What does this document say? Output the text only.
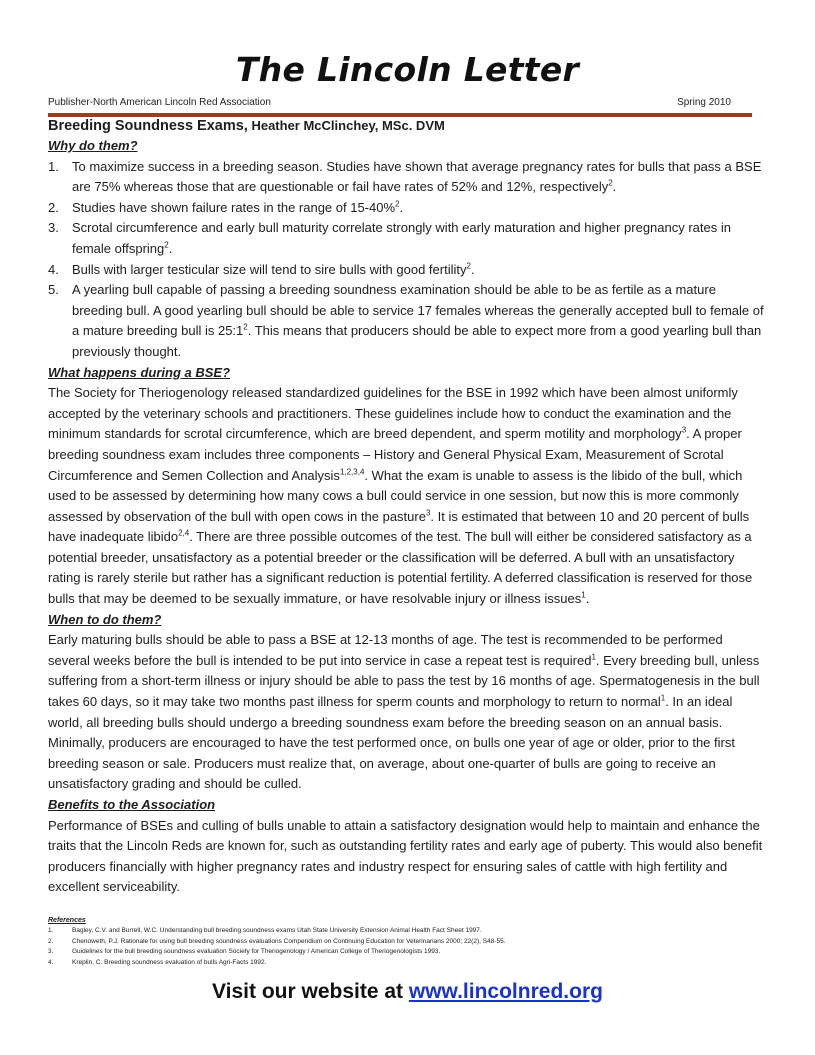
The Lincoln Letter
Publisher-North American Lincoln Red Association	Spring 2010

Breeding Soundness Exams, Heather McClinchey, MSc. DVM

Why do them?

1. To maximize success in a breeding season. Studies have shown that average pregnancy rates for bulls that pass a BSE are 75% whereas those that are questionable or fail have rates of 52% and 12%, respectively$^2$.
2. Studies have shown failure rates in the range of 15-40%$^2$.
3. Scrotal circumference and early bull maturity correlate strongly with early maturation and higher pregnancy rates in female offspring$^2$.
4. Bulls with larger testicular size will tend to sire bulls with good fertility$^2$.
5. A yearling bull capable of passing a breeding soundness examination should be able to be as fertile as a mature breeding bull. A good yearling bull should be able to service 17 females whereas the generally accepted bull to female of a mature breeding bull is $25:1^2$. This means that producers should be able to expect more from a good yearling bull than previously thought.

What happens during a BSE?

The Society for Theriogenology released standardized guidelines for the BSE in 1992 which have been almost uniformly accepted by the veterinary schools and practitioners. These guidelines include how to conduct the examination and the minimum standards for scrotal circumference, which are breed dependent, and sperm motility and morphology$^3$. A proper breeding soundness exam includes three components – History and General Physical Exam, Measurement of Scrotal Circumference and Semen Collection and Analysis$^{1,2,3,4}$. What the exam is unable to assess is the libido of the bull, which used to be assessed by determining how many cows a bull could service in one session, but now this is more commonly assessed by observation of the bull with open cows in the pasture$^3$. It is estimated that between 10 and 20 percent of bulls have inadequate libido$^{2,4}$. There are three possible outcomes of the test. The bull will either be considered satisfactory as a potential breeder, unsatisfactory as a potential breeder or the classification will be deferred. A bull with an unsatisfactory rating is rarely sterile but rather has a significant reduction is potential fertility. A deferred classification is reserved for those bulls that may be deemed to be sexually immature, or have resolvable injury or illness issues$^1$.

When to do them?

Early maturing bulls should be able to pass a BSE at 12-13 months of age. The test is recommended to be performed several weeks before the bull is intended to be put into service in case a repeat test is required$^1$. Every breeding bull, unless suffering from a short-term illness or injury should be able to pass the test by 16 months of age. Spermatogenesis in the bull takes 60 days, so it may take two months past illness for sperm counts and morphology to return to normal$^1$. In an ideal world, all breeding bulls should undergo a breeding soundness exam before the breeding season on an annual basis. Minimally, producers are encouraged to have the test performed once, on bulls one year of age or older, prior to the first breeding season or sale. Producers must realize that, on average, about one-quarter of bulls are going to receive an unsatisfactory grading and should be culled.

Benefits to the Association

Performance of BSEs and culling of bulls unable to attain a satisfactory designation would help to maintain and enhance the traits that the Lincoln Reds are known for, such as outstanding fertility rates and early age of puberty. This would also benefit producers financially with higher pregnancy rates and industry respect for ensuring sales of cattle with high fertility and excellent serviceability.

References
1.	Bagley, C.V. and Burrell, W.C. Understanding bull breeding soundness exams Utah State University Extension Animal Health Fact Sheet 1997.
2.	Chenoweth, P.J. Rationale for using bull breeding soundness evaluations Compendium on Continuing Education for Veterinarians 2000; 22(2), S48-55.
3.	Guidelines for the bull breeding soundness evaluation Society for Theriogenology / American College of Theriogenologists 1993.
4.	Kreplin, C. Breeding soundness evaluation of bulls Agri-Facts 1992.
Visit our website at www.lincolnred.org
